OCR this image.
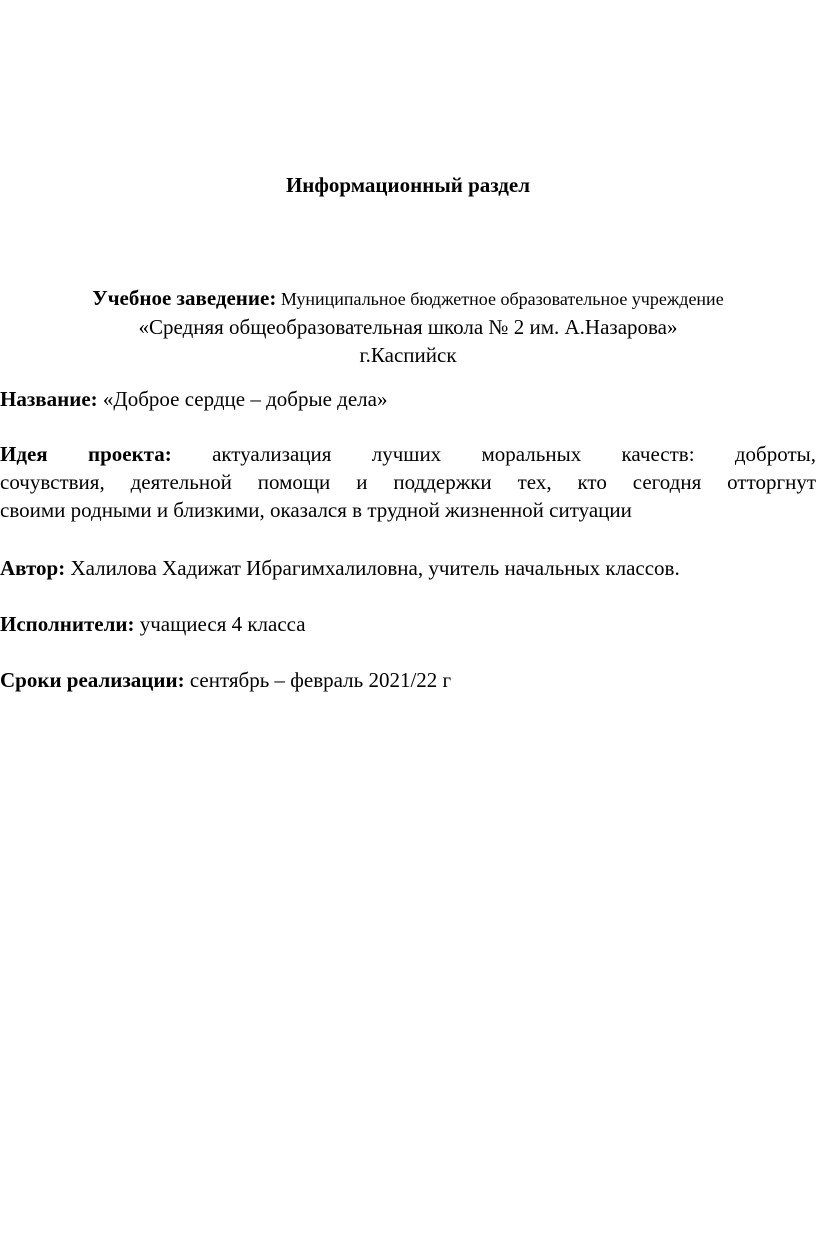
Информационный раздел
Учебное заведение: Муниципальное бюджетное образовательное учреждение
«Средняя общеобразовательная школа № 2 им. А.Назарова»
г.Каспийск
Название: «Доброе сердце – добрые дела»
Идея проекта: актуализация лучших моральных качеств: доброты,
сочувствия, деятельной помощи и поддержки тех, кто сегодня отторгнут
своими родными и близкими, оказался в трудной жизненной ситуации
Автор: Халилова Хадижат Ибрагимхалиловна, учитель начальных классов.
Исполнители: учащиеся 4 класса
Сроки реализации: сентябрь – февраль 2021/22 г
